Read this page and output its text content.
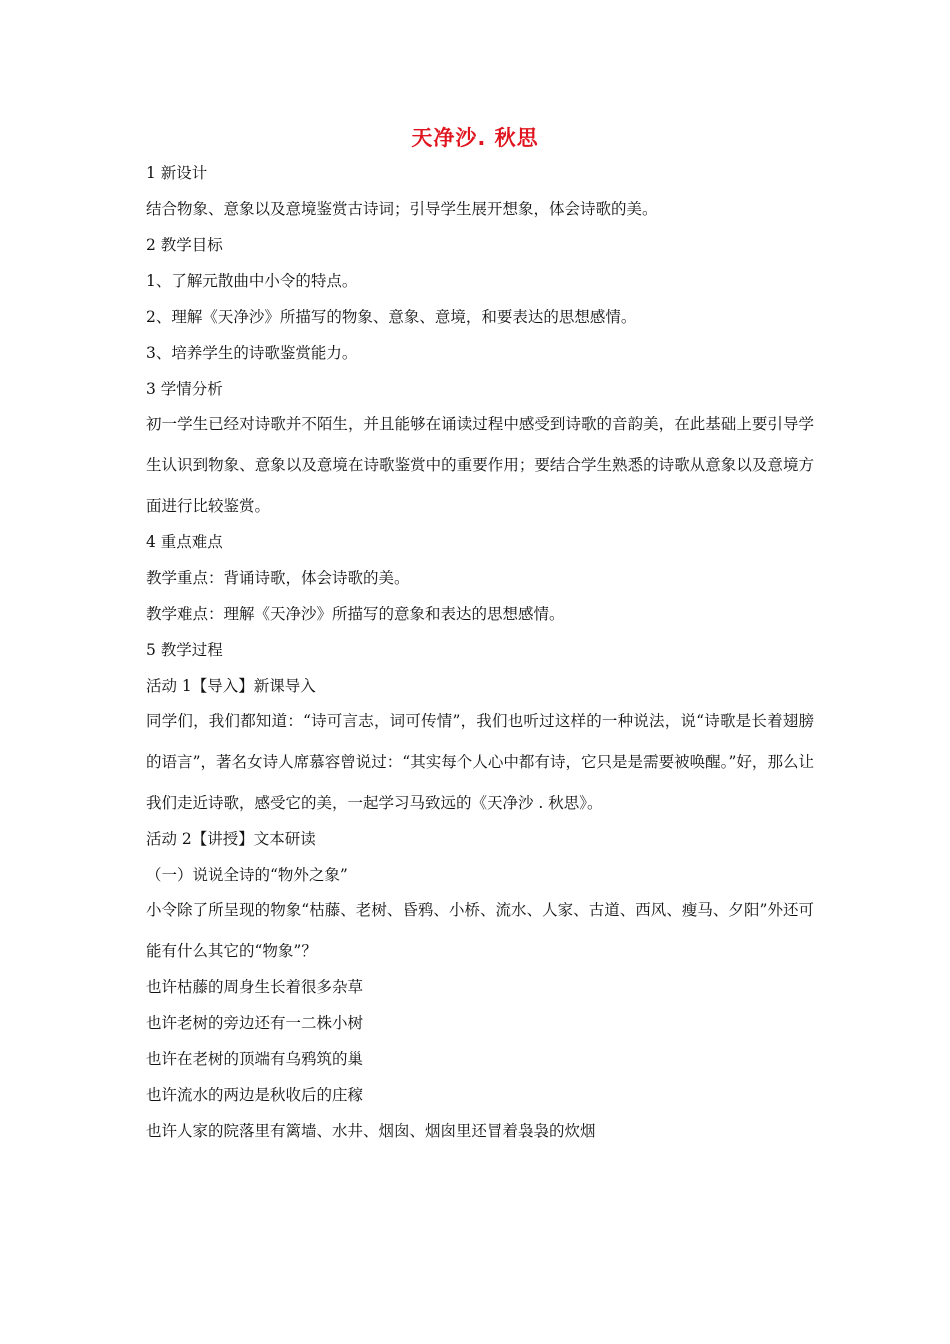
天净沙. 秋思

1 新设计

结合物象、意象以及意境鉴赏古诗词；引导学生展开想象，体会诗歌的美。

2 教学目标

1、了解元散曲中小令的特点。

2、理解《天净沙》所描写的物象、意象、意境，和要表达的思想感情。

3、培养学生的诗歌鉴赏能力。

3 学情分析

初一学生已经对诗歌并不陌生，并且能够在诵读过程中感受到诗歌的音韵美，在此基础上要引导学生认识到物象、意象以及意境在诗歌鉴赏中的重要作用；要结合学生熟悉的诗歌从意象以及意境方面进行比较鉴赏。

4 重点难点

教学重点：背诵诗歌，体会诗歌的美。

教学难点：理解《天净沙》所描写的意象和表达的思想感情。

5 教学过程

活动 1【导入】新课导入

同学们，我们都知道：“诗可言志，词可传情”，我们也听过这样的一种说法，说“诗歌是长着翅膀的语言”，著名女诗人席慕容曾说过：“其实每个人心中都有诗，它只是是需要被唤醒。”好，那么让我们走近诗歌，感受它的美，一起学习马致远的《天净沙 . 秋思》。

活动 2【讲授】文本研读

（一）说说全诗的“物外之象”

小令除了所呈现的物象“枯藤、老树、昏鸦、小桥、流水、人家、古道、西风、瘦马、夕阳”外还可能有什么其它的“物象”？

也许枯藤的周身生长着很多杂草

也许老树的旁边还有一二株小树

也许在老树的顶端有乌鸦筑的巢

也许流水的两边是秋收后的庄稼

也许人家的院落里有篱墙、水井、烟囱、烟囱里还冒着袅袅的炊烟
